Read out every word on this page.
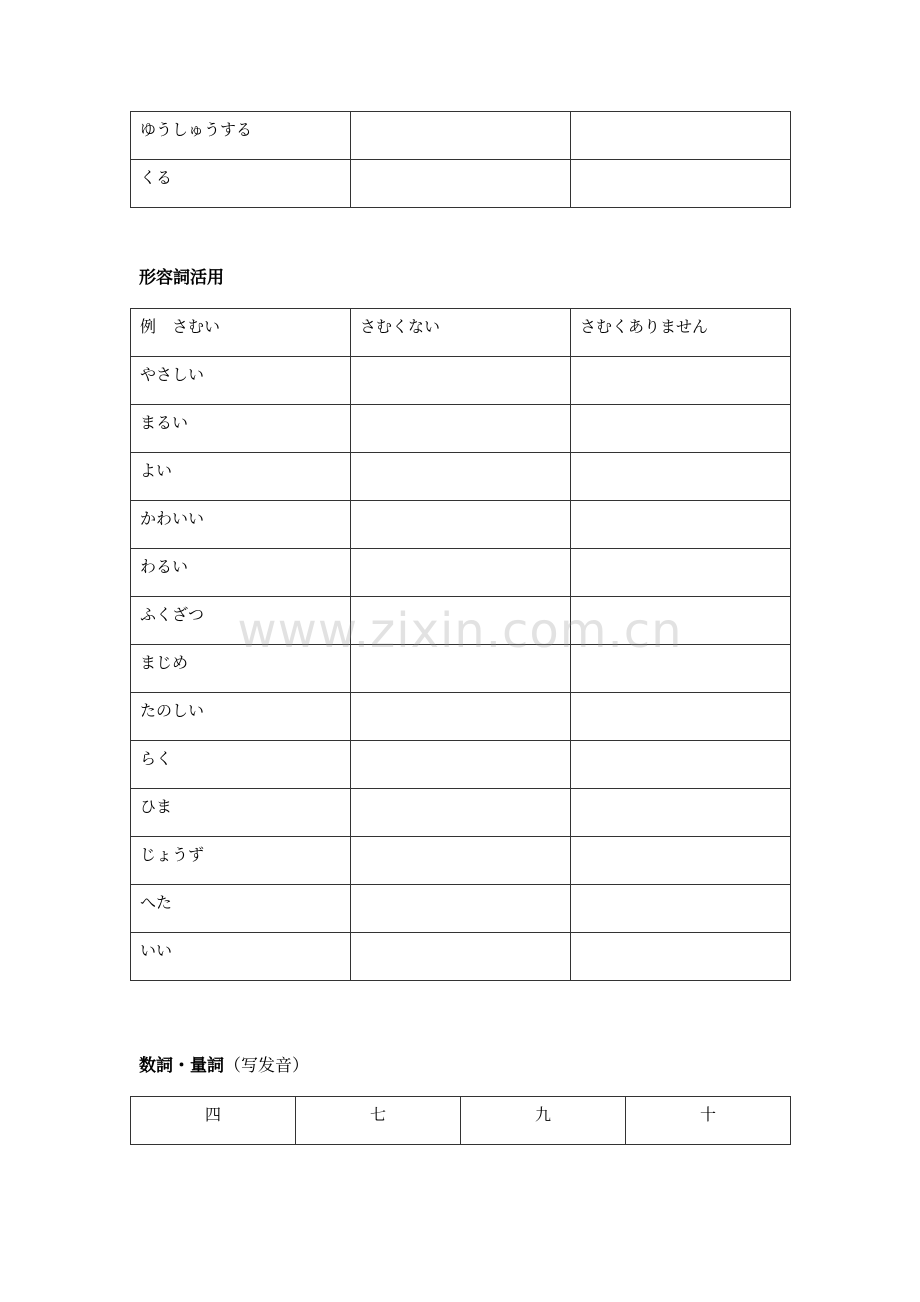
ゆうしゅうする		
くる		
形容詞活用
例　さむい	さむくない	さむくありません
やさしい		
まるい		
よい		
かわいい		
わるい		
ふくざつ		
まじめ		
たのしい		
らく		
ひま		
じょうず		
へた		
いい		
数詞・量詞（写发音）
四	七	九	十
www.zixin.com.cn
